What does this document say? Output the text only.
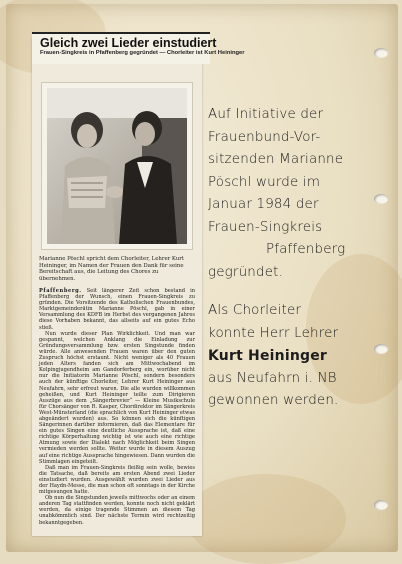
Gleich zwei Lieder einstudiert
Frauen-Singkreis in Pfaffenberg gegründet — Chorleiter ist Kurt Heininger

Marianne Pöschl spricht dem Chorleiter, Lehrer Kurt Heininger, im Namen der Frauen den Dank für seine Bereitschaft aus, die Leitung des Chores zu übernehmen.

Pfaffenberg. Seit längerer Zeit schon bestand in Pfaffenberg der Wunsch, einen Frauen-Singkreis zu gründen. Die Vorsitzende des Katholischen Frauenbundes, Marktgemeinderätin Marianne Pöschl, gab in einer Versammlung des KDFB im Herbst des vergangenen Jahres diese Vorhaben bekannt, das allseits auf ein gutes Echo stieß.

Nun wurde dieser Plan Wirklichkeit. Und man war gespannt, welchen Anklang die Einladung zur Gründungsversammlung bzw. ersten Singstunde finden würde. Alle anwesenden Frauen waren über den guten Zuspruch höchst erstaunt. Nicht weniger als 40 Frauen jeden Alters fanden sich am Mittwochabend im Kolpingjugendheim am Gandorferberg ein, worüber nicht nur die Initiatorin Marianne Pöschl, sondern besonders auch der künftige Chorleiter, Lehrer Kurt Heininger aus Neufahrn, sehr erfreut waren. Die alle wurden willkommen geheißen, und Kurt Heininger teilte zum Dirigieren Auszüge aus dem „Sängerbrevier“ — Kleine Musikschule für Chorsänger von R. Kasper, Chordirektor im Sängerkreis West-Münsterland (die sprachlich von Kurt Heininger etwas abgeändert wurden) aus. So können sich die künftigen Sängerinnen darüber informieren, daß das Elementare für ein gutes Singen eine deutliche Aussprache ist, daß eine richtige Körperhaltung wichtig ist wie auch eine richtige Atmung sowie der Dialekt nach Möglichkeit beim Singen vermieden werden sollte. Weiter wurde in diesem Auszug auf eine richtige Aussprache hingewiesen. Dann wurden die Stimmlagen eingeteilt.

Daß man im Frauen-Singkreis fleißig sein wolle, bewies die Tatsache, daß bereits am ersten Abend zwei Lieder einstudiert wurden. Ausgewählt wurden zwei Lieder aus der Haydn-Messe, die man schon oft sonntags in der Kirche mitgesungen hatte.

Ob nun die Singstunden jeweils mittwochs oder an einem anderen Tag stattfinden werden, konnte noch nicht geklärt werden, da einige tragende Stimmen an diesem Tag unabkömmlich sind. Der nächste Termin wird rechtzeitig bekanntgegeben.

Auf Initiative der
Frauenbund-Vor-
sitzenden Marianne
Pöschl wurde im
Januar 1984 der
Frauen-Singkreis
Pfaffenberg
gegründet.
Als Chorleiter
konnte Herr Lehrer
Kurt Heininger
aus Neufahrn i. NB
gewonnen werden.
